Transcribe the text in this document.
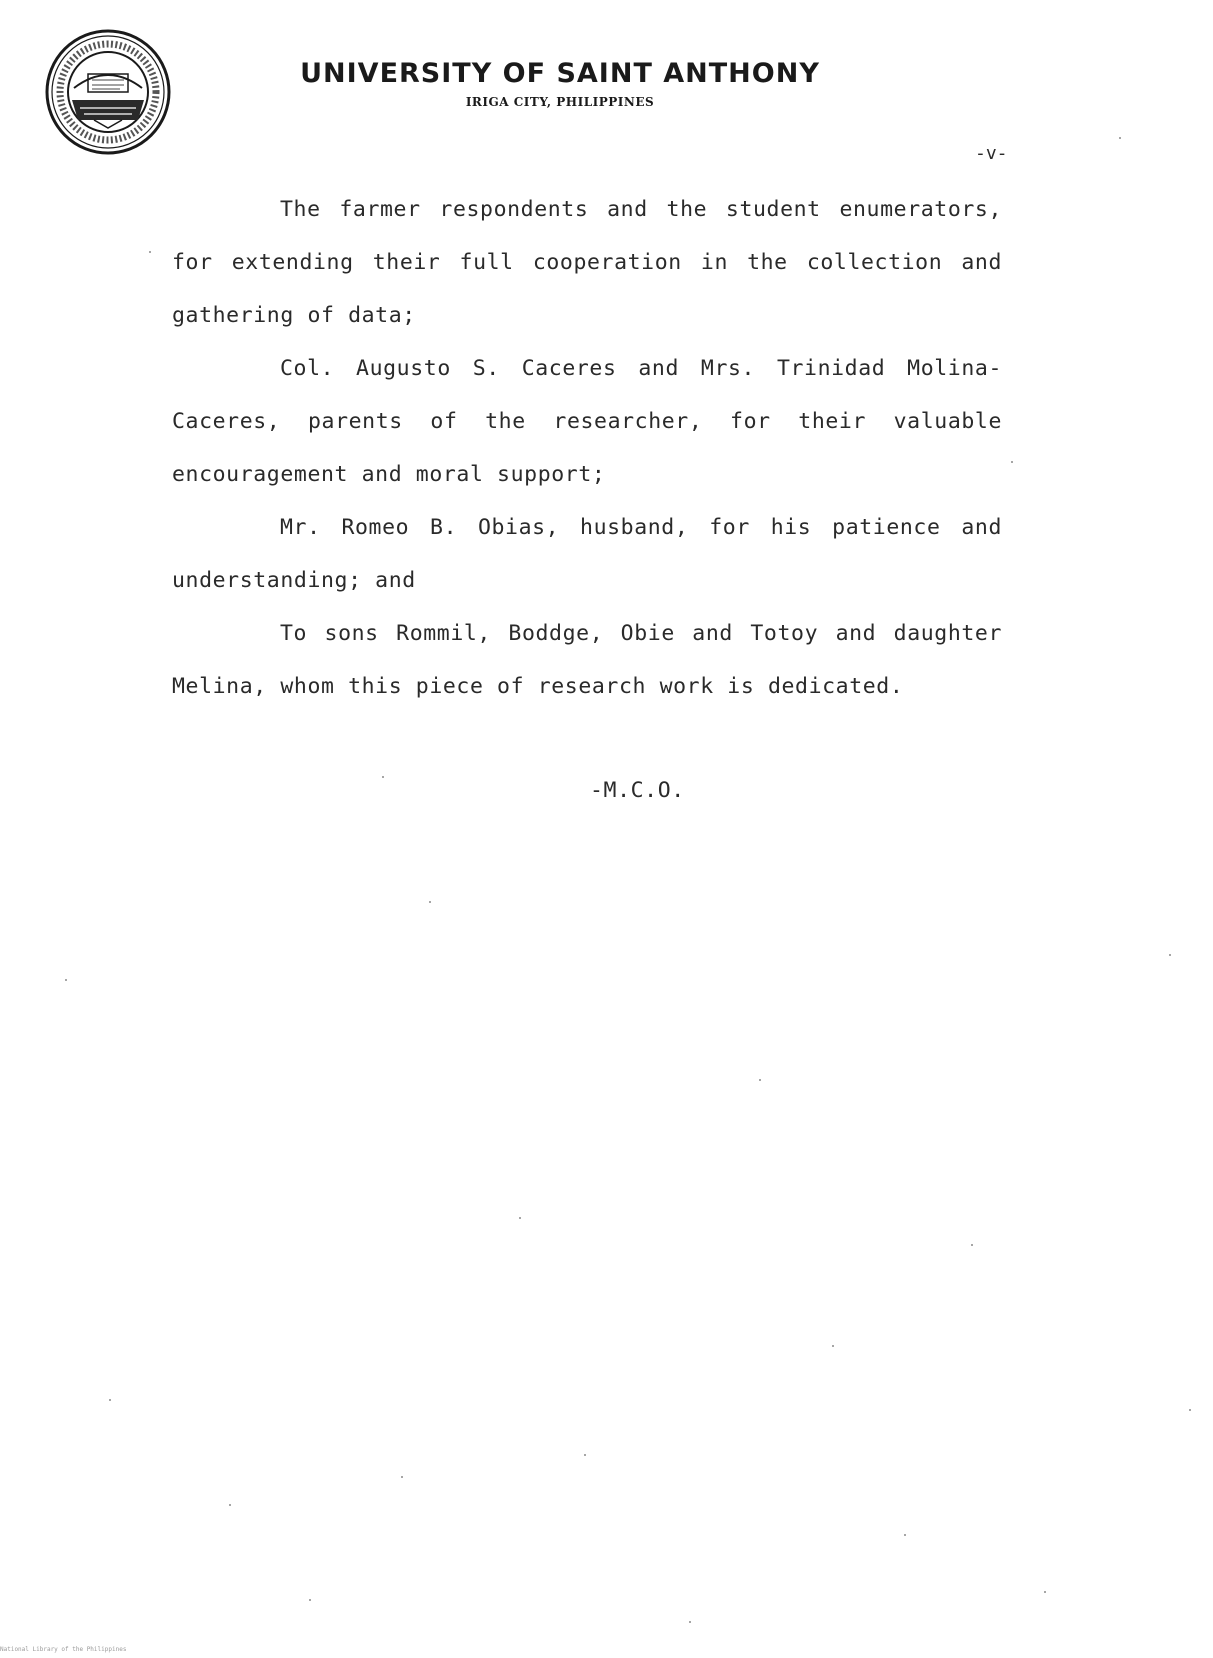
UNIVERSITY OF SAINT ANTHONY
IRIGA CITY, PHILIPPINES
-v-

The farmer respondents and the student enumerators, for extending their full cooperation in the collection and gathering of data;

Col. Augusto S. Caceres and Mrs. Trinidad Molina-Caceres, parents of the researcher, for their valuable encouragement and moral support;

Mr. Romeo B. Obias, husband, for his patience and understanding; and

To sons Rommil, Boddge, Obie and Totoy and daughter Melina, whom this piece of research work is dedicated.

-M.C.O.
National Library of the Philippines
